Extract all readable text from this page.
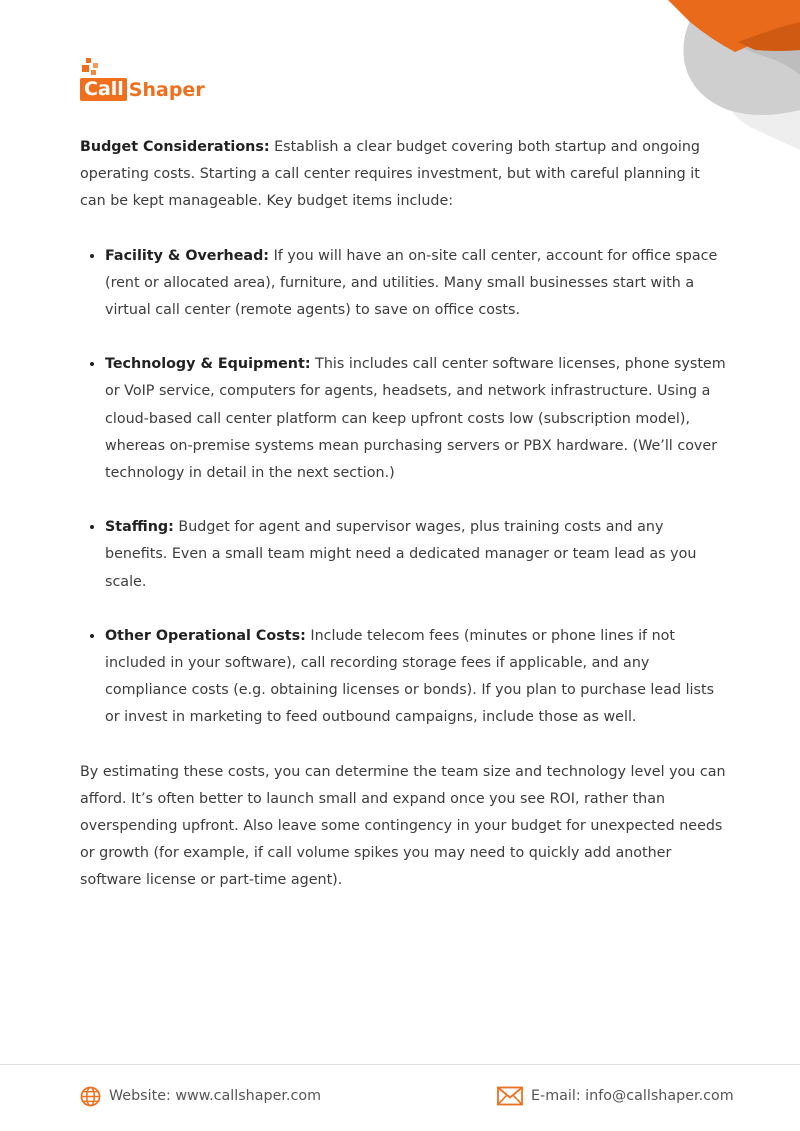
Call Shaper

Budget Considerations: Establish a clear budget covering both startup and ongoing operating costs. Starting a call center requires investment, but with careful planning it can be kept manageable. Key budget items include:

• Facility & Overhead: If you will have an on-site call center, account for office space (rent or allocated area), furniture, and utilities. Many small businesses start with a virtual call center (remote agents) to save on office costs.
• Technology & Equipment: This includes call center software licenses, phone system or VoIP service, computers for agents, headsets, and network infrastructure. Using a cloud-based call center platform can keep upfront costs low (subscription model), whereas on-premise systems mean purchasing servers or PBX hardware. (We’ll cover technology in detail in the next section.)
• Staffing: Budget for agent and supervisor wages, plus training costs and any benefits. Even a small team might need a dedicated manager or team lead as you scale.
• Other Operational Costs: Include telecom fees (minutes or phone lines if not included in your software), call recording storage fees if applicable, and any compliance costs (e.g. obtaining licenses or bonds). If you plan to purchase lead lists or invest in marketing to feed outbound campaigns, include those as well.

By estimating these costs, you can determine the team size and technology level you can afford. It’s often better to launch small and expand once you see ROI, rather than overspending upfront. Also leave some contingency in your budget for unexpected needs or growth (for example, if call volume spikes you may need to quickly add another software license or part-time agent).

Website: www.callshaper.com	E-mail: info@callshaper.com
